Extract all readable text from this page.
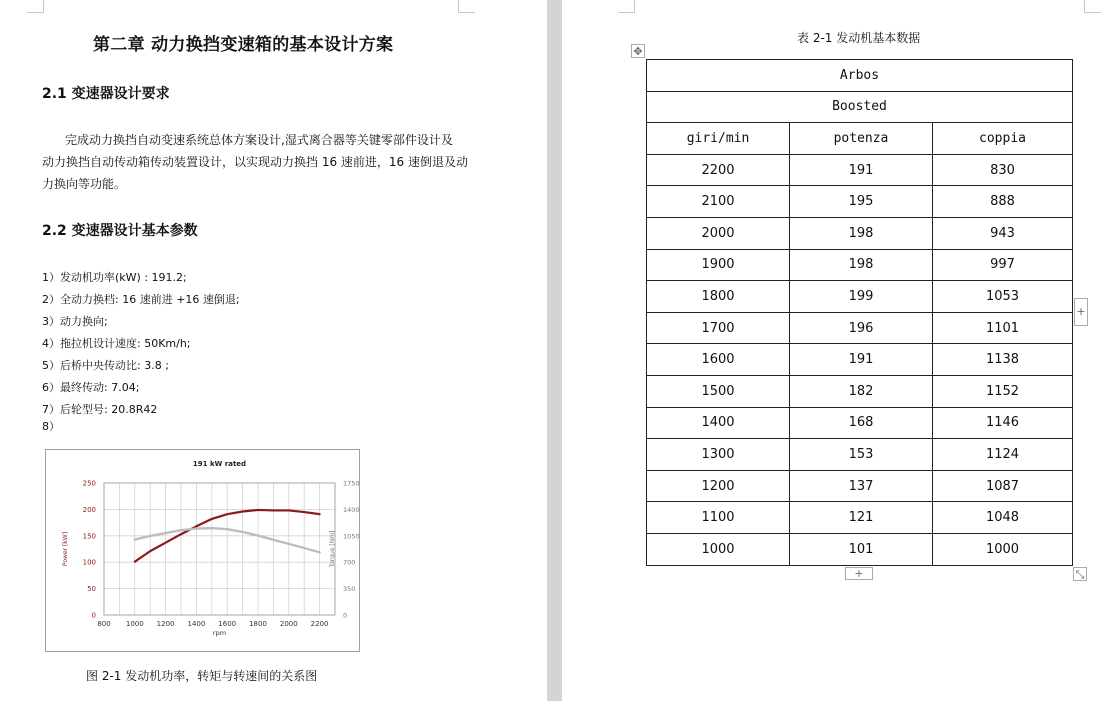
第二章 动力换挡变速箱的基本设计方案
2.1 变速器设计要求
完成动力换挡自动变速系统总体方案设计,湿式离合器等关键零部件设计及
动力换挡自动传动箱传动装置设计，以实现动力换挡 16 速前进，16 速倒退及动
力换向等功能。
2.2 变速器设计基本参数
1）发动机功率(kW) : 191.2;
2）全动力换档: 16 速前进 +16 速倒退;
3）动力换向;
4）拖拉机设计速度: 50Km/h;
5）后桥中央传动比: 3.8 ;
6）最终传动: 7.04;
7）后轮型号: 20.8R42
8）
191 kW rated
800 1000 1200 1400 1600 1800 2000 2200
0
50
100
150
200
250
0
350
700
1050
1400
1750
rpm
Power [kW]	Torque [Nm]
图 2-1 发动机功率，转矩与转速间的关系图
表 2-1 发动机基本数据
✥
Arbos		
Boosted		
giri/min	potenza	coppia
2200	191	830
2100	195	888
2000	198	943
1900	198	997
1800	199	1053
1700	196	1101
1600	191	1138
1500	182	1152
1400	168	1146
1300	153	1124
1200	137	1087
1100	121	1048
1000	101	1000
+
+	⤡
